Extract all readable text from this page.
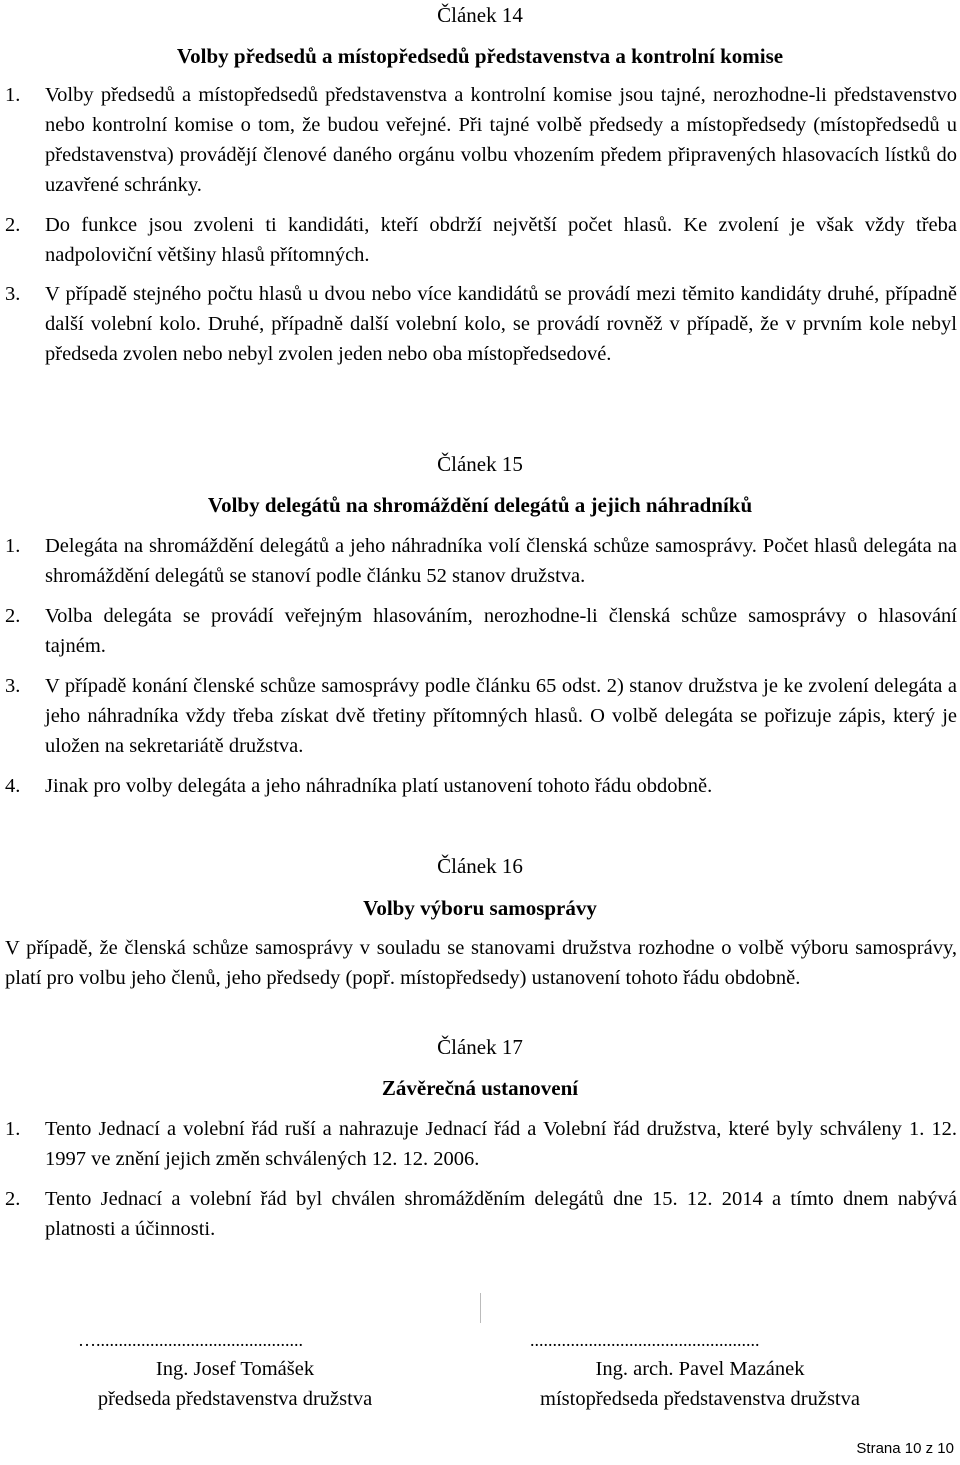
Článek 14
Volby předsedů a místopředsedů představenstva a kontrolní komise
1.	Volby předsedů a místopředsedů představenstva a kontrolní komise jsou tajné, nerozhodne-li představenstvo nebo kontrolní komise o tom, že budou veřejné. Při tajné volbě předsedy a místopředsedy (místopředsedů u představenstva) provádějí členové daného orgánu volbu vhozením předem připravených hlasovacích lístků do uzavřené schránky.
2.	Do funkce jsou zvoleni ti kandidáti, kteří obdrží největší počet hlasů. Ke zvolení je však vždy třeba nadpoloviční většiny hlasů přítomných.
3.	V případě stejného počtu hlasů u dvou nebo více kandidátů se provádí mezi těmito kandidáty druhé, případně další volební kolo. Druhé, případně další volební kolo, se provádí rovněž v případě, že v prvním kole nebyl předseda zvolen nebo nebyl zvolen jeden nebo oba místopředsedové.
Článek 15
Volby delegátů na shromáždění delegátů a jejich náhradníků
1.	Delegáta na shromáždění delegátů a jeho náhradníka volí členská schůze samosprávy. Počet hlasů delegáta na shromáždění delegátů se stanoví podle článku 52 stanov družstva.
2.	Volba delegáta se provádí veřejným hlasováním, nerozhodne-li členská schůze samosprávy o hlasování tajném.
3.	V případě konání členské schůze samosprávy podle článku 65 odst. 2) stanov družstva je ke zvolení delegáta a jeho náhradníka vždy třeba získat dvě třetiny přítomných hlasů. O volbě delegáta se pořizuje zápis, který je uložen na sekretariátě družstva.
4.	Jinak pro volby delegáta a jeho náhradníka platí ustanovení tohoto řádu obdobně.
Článek 16
Volby výboru samosprávy
V případě, že členská schůze samosprávy v souladu se stanovami družstva rozhodne o volbě výboru samosprávy, platí pro volbu jeho členů, jeho předsedy (popř. místopředsedy) ustanovení tohoto řádu obdobně.
Článek 17
Závěrečná ustanovení
1.	Tento Jednací a volební řád ruší a nahrazuje Jednací řád a Volební řád družstva, které byly schváleny 1. 12. 1997 ve znění jejich změn schválených 12. 12. 2006.
2.	Tento Jednací a volební řád byl chválen shromážděním delegátů dne 15. 12. 2014 a tímto dnem nabývá platnosti a účinnosti.
…..............................................	...................................................
Ing. Josef Tomášek
předseda představenstva družstva
Ing. arch. Pavel Mazánek
místopředseda představenstva družstva
Strana 10 z 10
